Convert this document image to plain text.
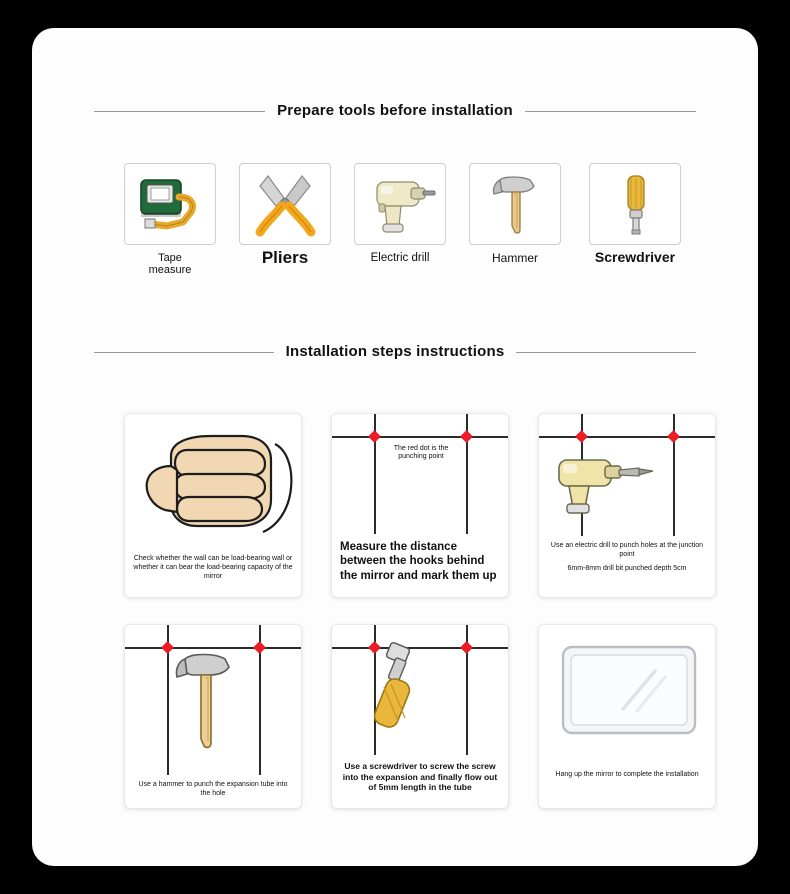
Prepare tools before installation
Tape
measure
Pliers	Electric drill	Hammer	Screwdriver
Installation steps instructions
Check whether the wall can be load-bearing wall or whether it can bear the load-bearing capacity of the mirror
The red dot is the punching point
Measure the distance between the hooks behind the mirror and mark them up
Use an electric drill to punch holes at the junction point
6mm-8mm drill bit punched depth 5cm
Use a hammer to punch the expansion tube into the hole
Use a screwdriver to screw the screw into the expansion and finally flow out of 5mm length in the tube
Hang up the mirror to complete the installation
